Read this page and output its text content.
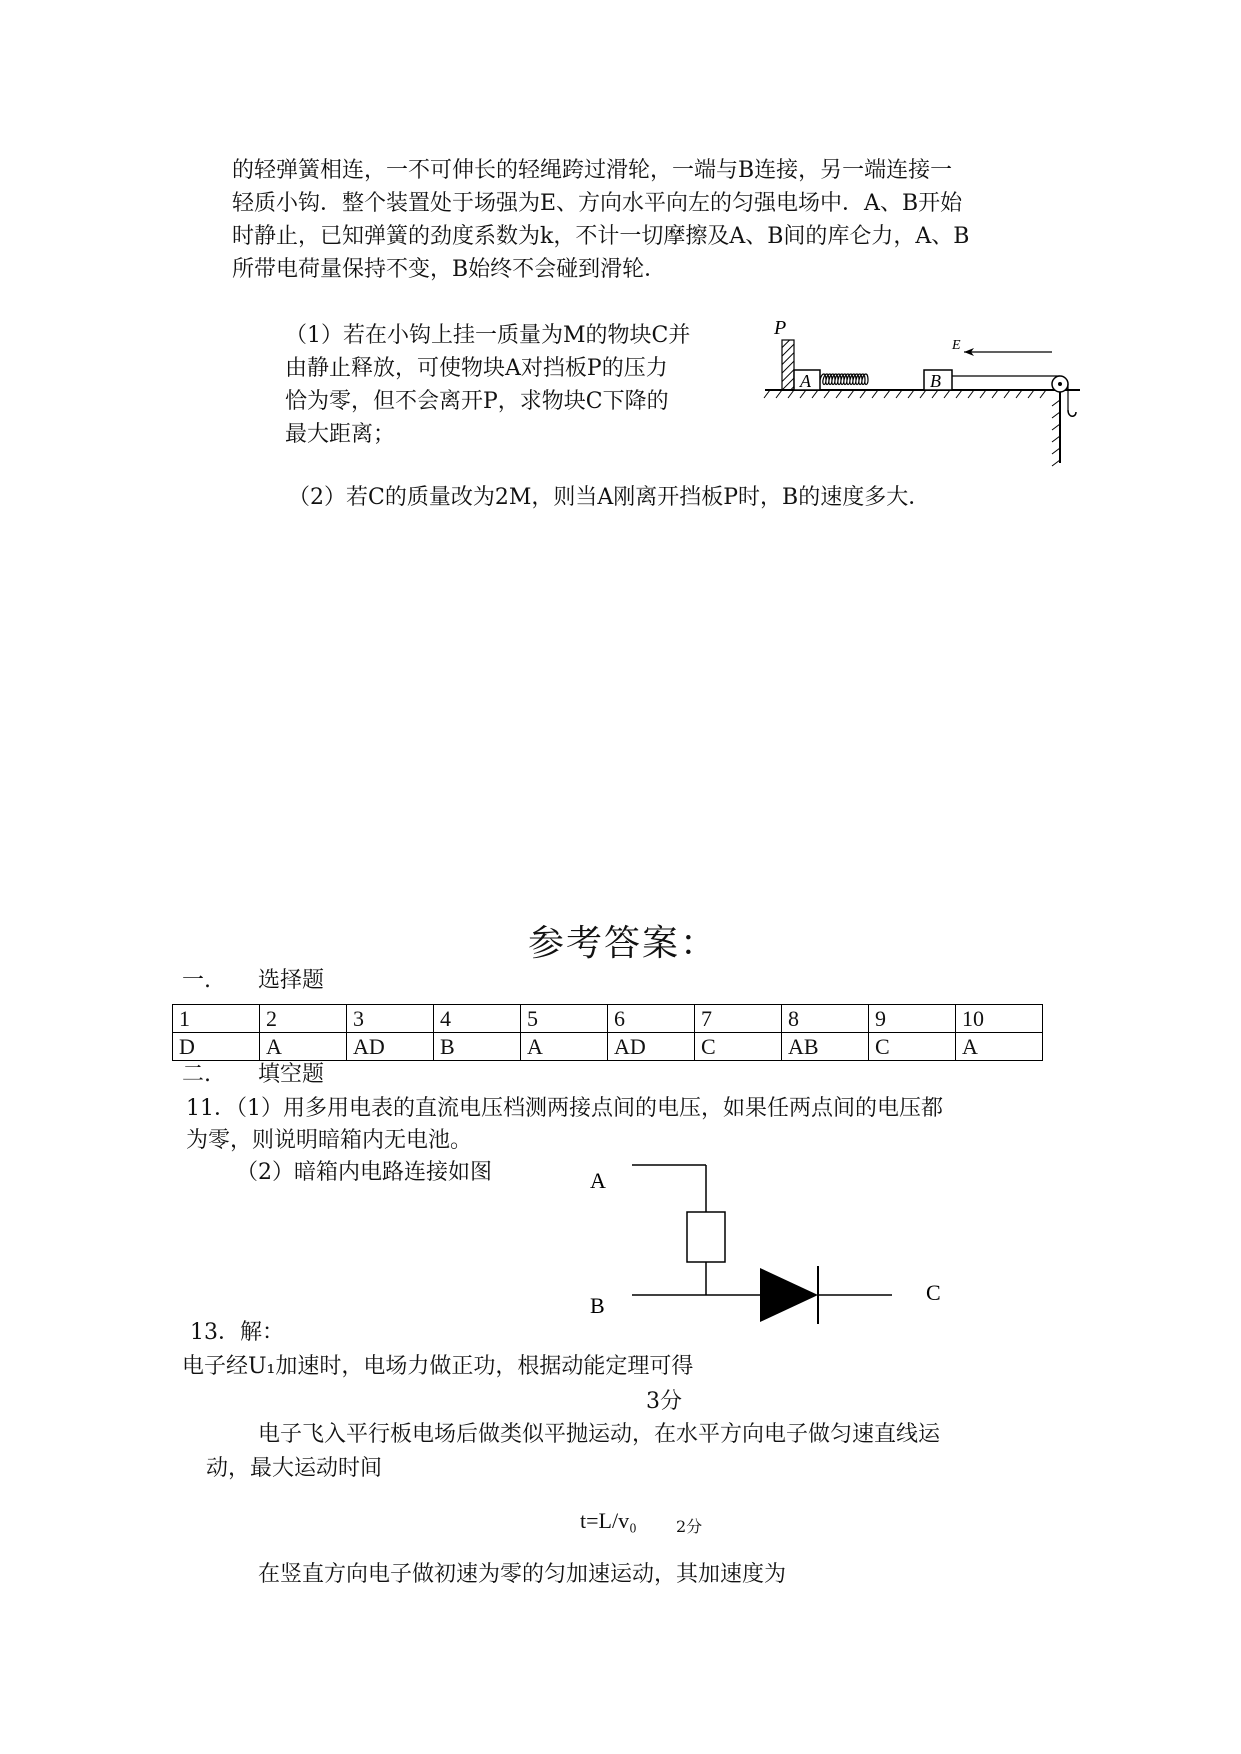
的轻弹簧相连，一不可伸长的轻绳跨过滑轮，一端与B连接，另一端连接一
轻质小钩．整个装置处于场强为E、方向水平向左的匀强电场中．A、B开始
时静止，已知弹簧的劲度系数为k，不计一切摩擦及A、B间的库仑力，A、B
所带电荷量保持不变，B始终不会碰到滑轮．
（1）若在小钩上挂一质量为M的物块C并
由静止释放，可使物块A对挡板P的压力
恰为零，但不会离开P，求物块C下降的
最大距离；
（2）若C的质量改为2M，则当A刚离开挡板P时，B的速度多大．
P
A	B
E
参考答案：
一. 选择题
1	2	3	4	5	6	7	8	9	10
D	A	AD	B	A	AD	C	AB	C	A
二. 填空题
11．（1）用多用电表的直流电压档测两接点间的电压，如果任两点间的电压都
为零，则说明暗箱内无电池。
（2）暗箱内电路连接如图	A
B
C
13．解：
电子经U₁加速时，电场力做正功，根据动能定理可得
3分
电子飞入平行板电场后做类似平抛运动，在水平方向电子做匀速直线运
动，最大运动时间
t=L/v₀ 2分
在竖直方向电子做初速为零的匀加速运动，其加速度为
